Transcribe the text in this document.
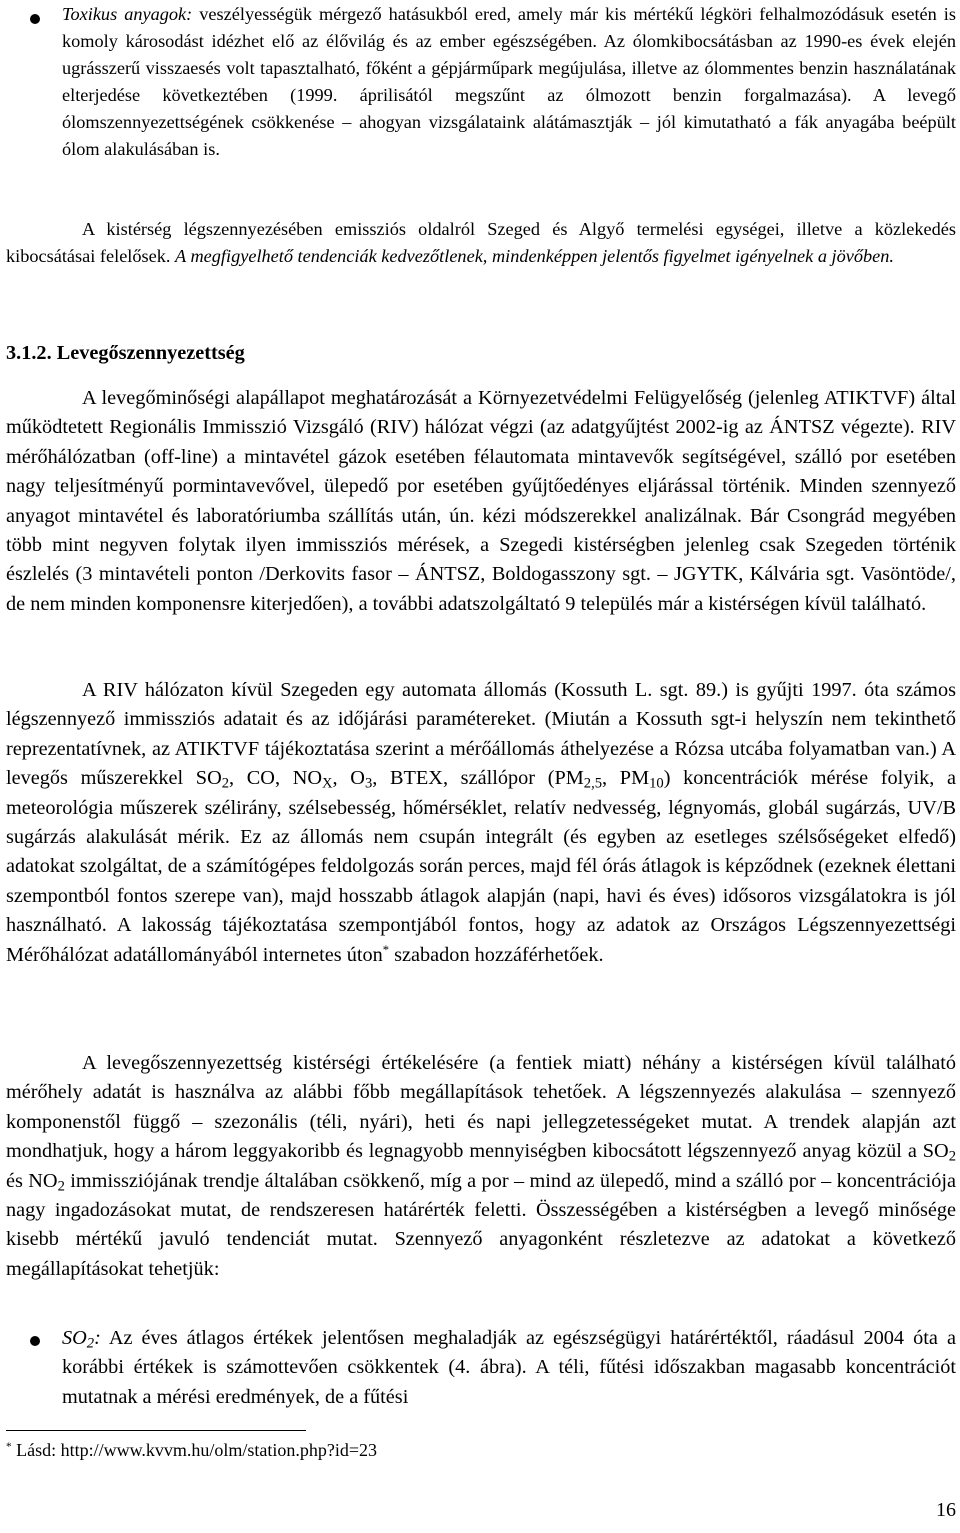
Toxikus anyagok: veszélyességük mérgező hatásukból ered, amely már kis mértékű légköri felhalmozódásuk esetén is komoly károsodást idézhet elő az élővilág és az ember egészségében. Az ólomkibocsátásban az 1990-es évek elején ugrásszerű visszaesés volt tapasztalható, főként a gépjárműpark megújulása, illetve az ólommentes benzin használatának elterjedése következtében (1999. áprilisától megszűnt az ólmozott benzin forgalmazása). A levegő ólomszennyezettségének csökkenése – ahogyan vizsgálataink alátámasztják – jól kimutatható a fák anyagába beépült ólom alakulásában is.

A kistérség légszennyezésében emissziós oldalról Szeged és Algyő termelési egységei, illetve a közlekedés kibocsátásai felelősek. A megfigyelhető tendenciák kedvezőtlenek, mindenképpen jelentős figyelmet igényelnek a jövőben.

3.1.2. Levegőszennyezettség

A levegőminőségi alapállapot meghatározását a Környezetvédelmi Felügyelőség (jelenleg ATIKTVF) által működtetett Regionális Immisszió Vizsgáló (RIV) hálózat végzi (az adatgyűjtést 2002-ig az ÁNTSZ végezte). RIV mérőhálózatban (off-line) a mintavétel gázok esetében félautomata mintavevők segítségével, szálló por esetében nagy teljesítményű pormintavevővel, ülepedő por esetében gyűjtőedényes eljárással történik. Minden szennyező anyagot mintavétel és laboratóriumba szállítás után, ún. kézi módszerekkel analizálnak. Bár Csongrád megyében több mint negyven folytak ilyen immissziós mérések, a Szegedi kistérségben jelenleg csak Szegeden történik észlelés (3 mintavételi ponton /Derkovits fasor – ÁNTSZ, Boldogasszony sgt. – JGYTK, Kálvária sgt. Vasöntöde/, de nem minden komponensre kiterjedően), a további adatszolgáltató 9 település már a kistérségen kívül található.

A RIV hálózaton kívül Szegeden egy automata állomás (Kossuth L. sgt. 89.) is gyűjti 1997. óta számos légszennyező immissziós adatait és az időjárási paramétereket. (Miután a Kossuth sgt-i helyszín nem tekinthető reprezentatívnek, az ATIKTVF tájékoztatása szerint a mérőállomás áthelyezése a Rózsa utcába folyamatban van.) A levegős műszerekkel $SO_2$, CO, $NO_X$, $O_3$, BTEX, szállópor ($PM_{2,5}$, $PM_{10}$) koncentrációk mérése folyik, a meteorológia műszerek szélirány, szélsebesség, hőmérséklet, relatív nedvesség, légnyomás, globál sugárzás, UV/B sugárzás alakulását mérik. Ez az állomás nem csupán integrált (és egyben az esetleges szélsőségeket elfedő) adatokat szolgáltat, de a számítógépes feldolgozás során perces, majd fél órás átlagok is képződnek (ezeknek élettani szempontból fontos szerepe van), majd hosszabb átlagok alapján (napi, havi és éves) idősoros vizsgálatokra is jól használható. A lakosság tájékoztatása szempontjából fontos, hogy az adatok az Országos Légszennyezettségi Mérőhálózat adatállományából internetes úton* szabadon hozzáférhetőek.

A levegőszennyezettség kistérségi értékelésére (a fentiek miatt) néhány a kistérségen kívül található mérőhely adatát is használva az alábbi főbb megállapítások tehetőek. A légszennyezés alakulása – szennyező komponenstől függő – szezonális (téli, nyári), heti és napi jellegzetességeket mutat. A trendek alapján azt mondhatjuk, hogy a három leggyakoribb és legnagyobb mennyiségben kibocsátott légszennyező anyag közül a $SO_2$ és $NO_2$ immissziójának trendje általában csökkenő, míg a por – mind az ülepedő, mind a szálló por – koncentrációja nagy ingadozásokat mutat, de rendszeresen határérték feletti. Összességében a kistérségben a levegő minősége kisebb mértékű javuló tendenciát mutat. Szennyező anyagonként részletezve az adatokat a következő megállapításokat tehetjük:

$SO_2$: Az éves átlagos értékek jelentősen meghaladják az egészségügyi határértéktől, ráadásul 2004 óta a korábbi értékek is számottevően csökkentek (4. ábra). A téli, fűtési időszakban magasabb koncentrációt mutatnak a mérési eredmények, de a fűtési

* Lásd: http://www.kvvm.hu/olm/station.php?id=23

16
